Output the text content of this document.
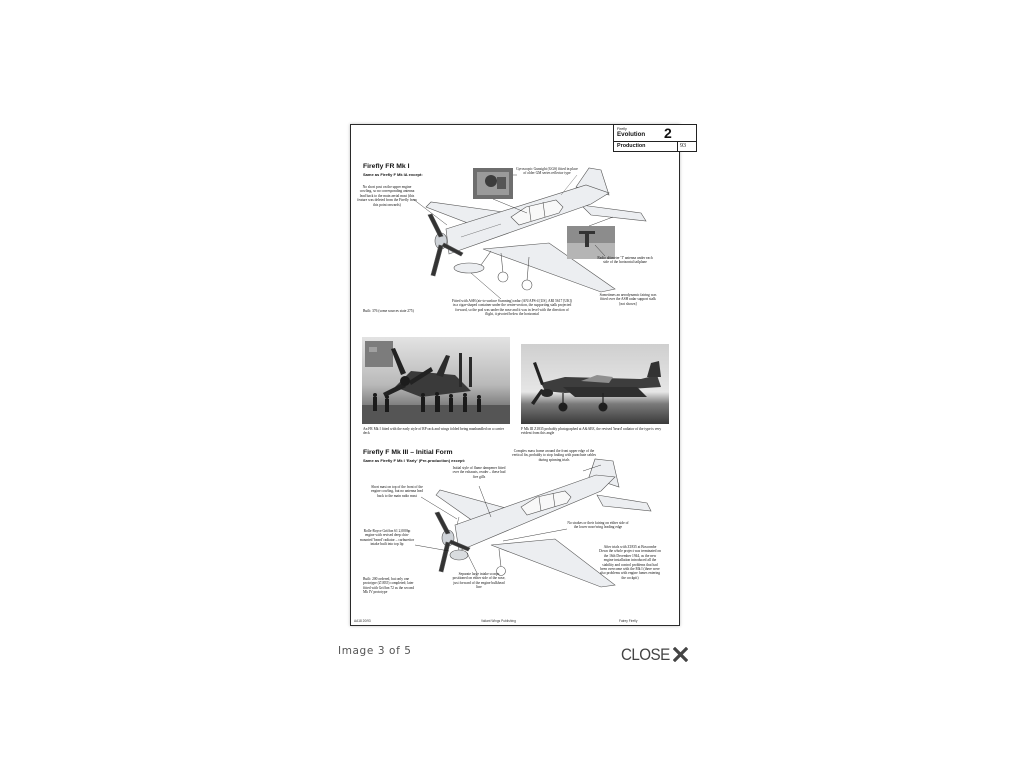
Firefly FR Mk I
Same as Firefly F Mk IA except:
No short post on the upper engine cowling, so no corresponding antenna lead back to the main aerial mast (this feature was deleted from the Firefly from this point onwards)
Gyroscopic Gunsight (GGS) fitted in place of older GM series reflector type
Radio altimeter 'T' antenna under each side of the horizontal tailplane
Fitted with ASH (air-to-surface Scanning) radar (AN/APS-4 [US], ARI 5617 [UK]) in a cigar-shaped container under the centre-section, the supporting stalk projected forward, so the pod was under the nose and it was in level with the direction of flight, it pivoted below the horizontal
Sometimes an aerodynamic fairing was fitted over the ASH radar support stalk [not shown]
Built: 376 (some sources state 275)
An FR Mk I fitted with the early style of RP rack and wings folded being manhandled on a carrier deck
F Mk III Z1835 probably photographed at A&AEE, the revised 'beard' radiator of the type is very evident from this angle
Firefly F Mk III – Initial Form
Same as Firefly F Mk I 'Early' (Pre-production) except:
Complex mass frame around the front upper edge of the vertical fin, probably to stop fouling with parachute cables during spinning trials
Initial style of flame dampener fitted over the exhausts, reader – these had five gills
Short mast on top of the front of the engine cowling, but no antenna lead back to the main radio mast
Rolls-Royce Griffon 61 2,000hp engine with revised deep chin-mounted 'beard' radiator – carburettor intake built into top lip
No strakes or their fairing on either side of the lower nose/wing leading edge
After trials with Z1835 at Boscombe Down the whole project was terminated on the 16th December 1944, as the new engine installation introduced all the stability and control problems that had been overcome with the Mk I (there were also problems with engine fumes entering the cockpit)
Separate large intake scoops positioned on either side of the nose, just forward of the engine bulkhead line
Built: 200 ordered, but only one prototype (Z1835) completed; later fitted with Griffon 72 as the second Mk IV prototype
AA18 20/93	Valiant Wings Publishing	Fairey Firefly
Firefly
Evolution 2
Production	93
Image 3 of 5	CLOSE
